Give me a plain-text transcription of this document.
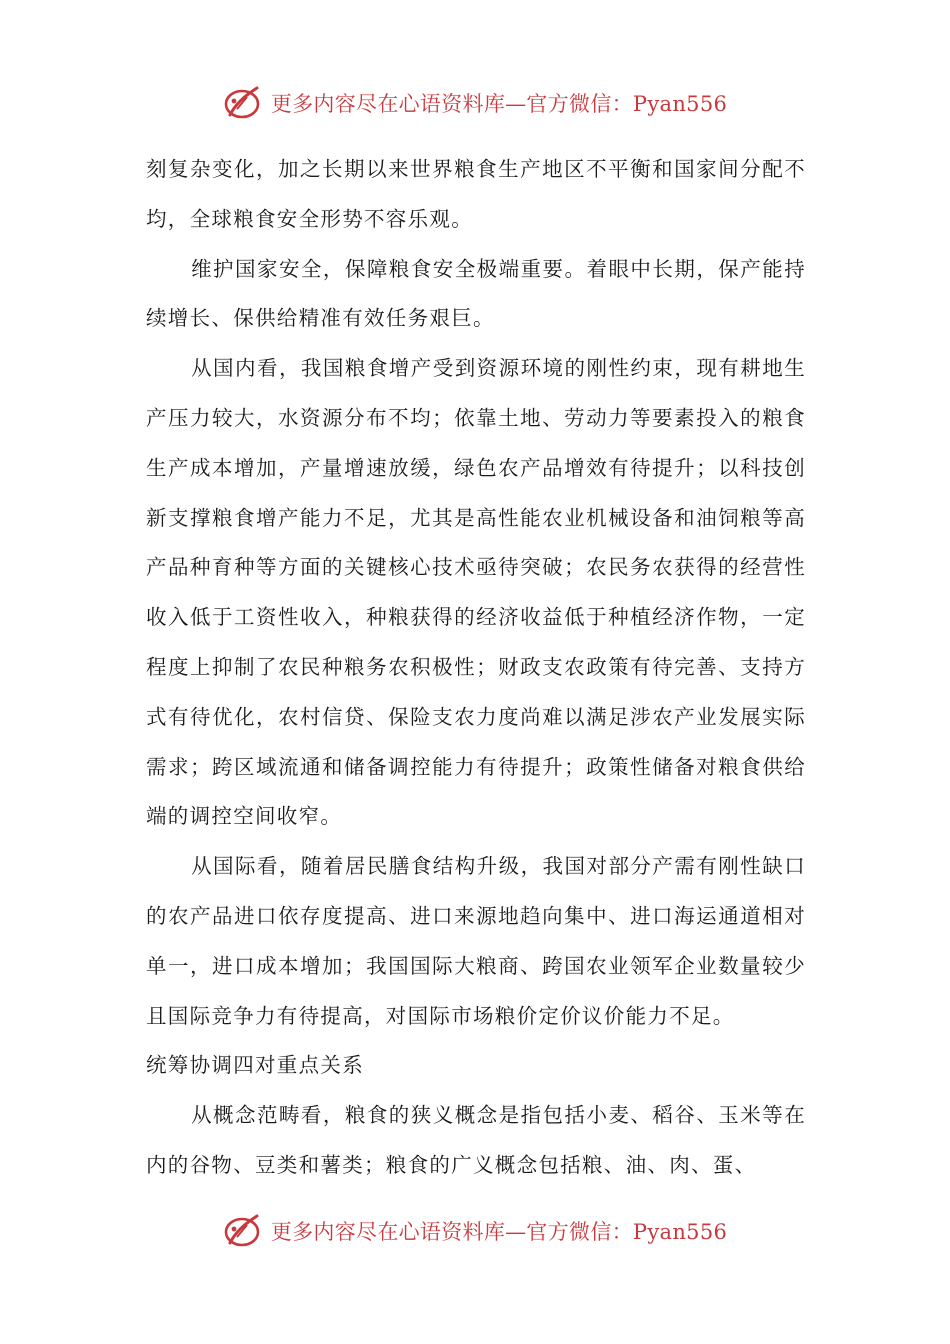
更多内容尽在心语资料库—官方微信：Pyan556

刻复杂变化，加之长期以来世界粮食生产地区不平衡和国家间分配不均，全球粮食安全形势不容乐观。

维护国家安全，保障粮食安全极端重要。着眼中长期，保产能持续增长、保供给精准有效任务艰巨。

从国内看，我国粮食增产受到资源环境的刚性约束，现有耕地生产压力较大，水资源分布不均；依靠土地、劳动力等要素投入的粮食生产成本增加，产量增速放缓，绿色农产品增效有待提升；以科技创新支撑粮食增产能力不足，尤其是高性能农业机械设备和油饲粮等高产品种育种等方面的关键核心技术亟待突破；农民务农获得的经营性收入低于工资性收入，种粮获得的经济收益低于种植经济作物，一定程度上抑制了农民种粮务农积极性；财政支农政策有待完善、支持方式有待优化，农村信贷、保险支农力度尚难以满足涉农产业发展实际需求；跨区域流通和储备调控能力有待提升；政策性储备对粮食供给端的调控空间收窄。

从国际看，随着居民膳食结构升级，我国对部分产需有刚性缺口的农产品进口依存度提高、进口来源地趋向集中、进口海运通道相对单一，进口成本增加；我国国际大粮商、跨国农业领军企业数量较少且国际竞争力有待提高，对国际市场粮价定价议价能力不足。

统筹协调四对重点关系

从概念范畴看，粮食的狭义概念是指包括小麦、稻谷、玉米等在内的谷物、豆类和薯类；粮食的广义概念包括粮、油、肉、蛋、

更多内容尽在心语资料库—官方微信：Pyan556
